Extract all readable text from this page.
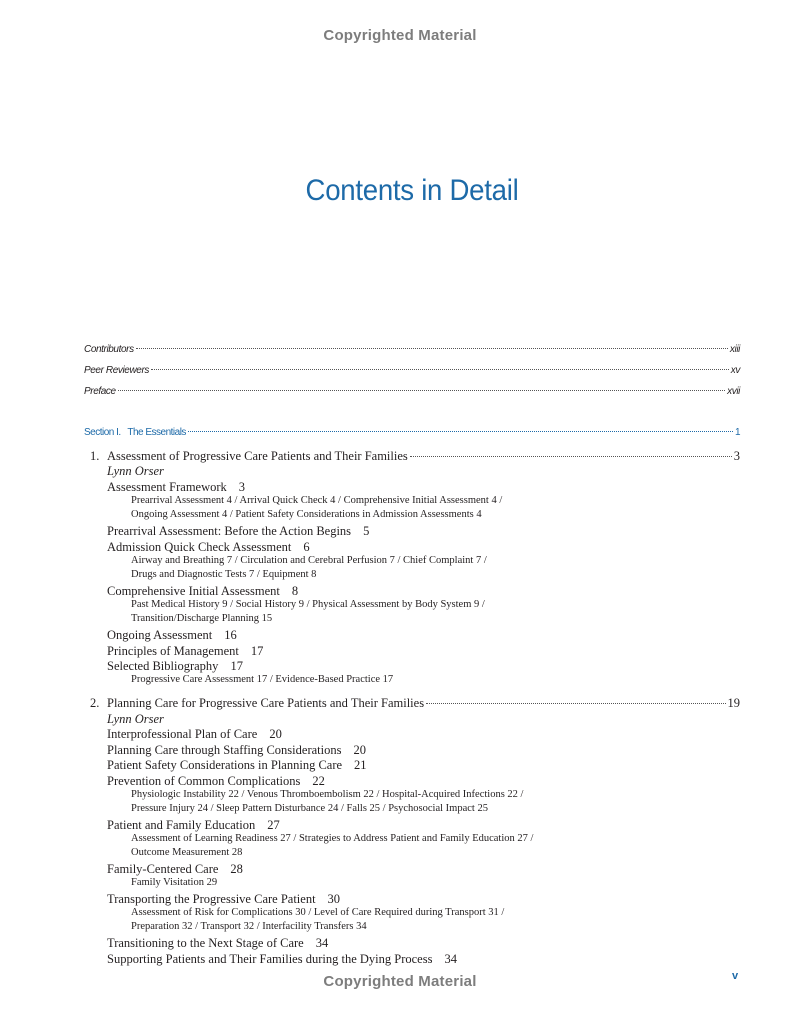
Copyrighted Material
Contents in Detail
Contributors	xiii
Peer Reviewers	xv
Preface	xvii
Section I.   The Essentials	1
1. Assessment of Progressive Care Patients and Their Families	3
Lynn Orser
Assessment Framework 3
Prearrival Assessment 4 / Arrival Quick Check 4 / Comprehensive Initial Assessment 4 /
Ongoing Assessment 4 / Patient Safety Considerations in Admission Assessments 4
Prearrival Assessment: Before the Action Begins 5
Admission Quick Check Assessment 6
Airway and Breathing 7 / Circulation and Cerebral Perfusion 7 / Chief Complaint 7 /
Drugs and Diagnostic Tests 7 / Equipment 8
Comprehensive Initial Assessment 8
Past Medical History 9 / Social History 9 / Physical Assessment by Body System 9 /
Transition/Discharge Planning 15
Ongoing Assessment 16
Principles of Management 17
Selected Bibliography 17
Progressive Care Assessment 17 / Evidence-Based Practice 17
2. Planning Care for Progressive Care Patients and Their Families	19
Lynn Orser
Interprofessional Plan of Care 20
Planning Care through Staffing Considerations 20
Patient Safety Considerations in Planning Care 21
Prevention of Common Complications 22
Physiologic Instability 22 / Venous Thromboembolism 22 / Hospital-Acquired Infections 22 /
Pressure Injury 24 / Sleep Pattern Disturbance 24 / Falls 25 / Psychosocial Impact 25
Patient and Family Education 27
Assessment of Learning Readiness 27 / Strategies to Address Patient and Family Education 27 /
Outcome Measurement 28
Family-Centered Care 28
Family Visitation 29
Transporting the Progressive Care Patient 30
Assessment of Risk for Complications 30 / Level of Care Required during Transport 31 /
Preparation 32 / Transport 32 / Interfacility Transfers 34
Transitioning to the Next Stage of Care 34
Supporting Patients and Their Families during the Dying Process 34
Copyrighted Material	v
